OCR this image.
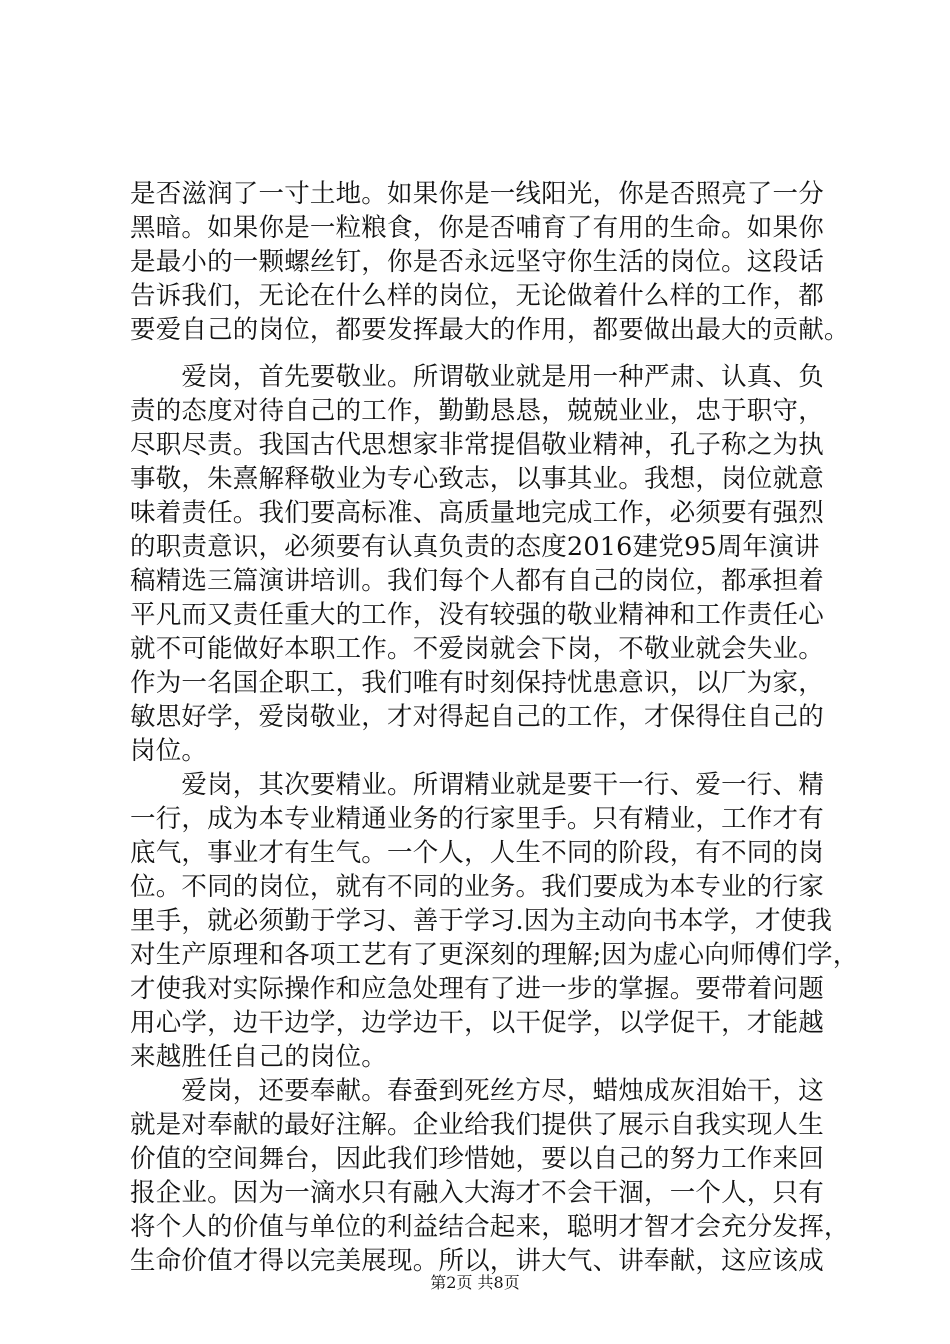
是否滋润了一寸土地。如果你是一线阳光，你是否照亮了一分
黑暗。如果你是一粒粮食，你是否哺育了有用的生命。如果你
是最小的一颗螺丝钉，你是否永远坚守你生活的岗位。这段话
告诉我们，无论在什么样的岗位，无论做着什么样的工作，都
要爱自己的岗位，都要发挥最大的作用，都要做出最大的贡献。
　　爱岗，首先要敬业。所谓敬业就是用一种严肃、认真、负
责的态度对待自己的工作，勤勤恳恳，兢兢业业，忠于职守，
尽职尽责。我国古代思想家非常提倡敬业精神，孔子称之为执
事敬，朱熹解释敬业为专心致志，以事其业。我想，岗位就意
味着责任。我们要高标准、高质量地完成工作，必须要有强烈
的职责意识，必须要有认真负责的态度2016建党95周年演讲
稿精选三篇演讲培训。我们每个人都有自己的岗位，都承担着
平凡而又责任重大的工作，没有较强的敬业精神和工作责任心
就不可能做好本职工作。不爱岗就会下岗，不敬业就会失业。
作为一名国企职工，我们唯有时刻保持忧患意识，以厂为家，
敏思好学，爱岗敬业，才对得起自己的工作，才保得住自己的
岗位。
　　爱岗，其次要精业。所谓精业就是要干一行、爱一行、精
一行，成为本专业精通业务的行家里手。只有精业，工作才有
底气，事业才有生气。一个人，人生不同的阶段，有不同的岗
位。不同的岗位，就有不同的业务。我们要成为本专业的行家
里手，就必须勤于学习、善于学习.因为主动向书本学，才使我
对生产原理和各项工艺有了更深刻的理解;因为虚心向师傅们学，
才使我对实际操作和应急处理有了进一步的掌握。要带着问题
用心学，边干边学，边学边干，以干促学，以学促干，才能越
来越胜任自己的岗位。
　　爱岗，还要奉献。春蚕到死丝方尽，蜡烛成灰泪始干，这
就是对奉献的最好注解。企业给我们提供了展示自我实现人生
价值的空间舞台，因此我们珍惜她，要以自己的努力工作来回
报企业。因为一滴水只有融入大海才不会干涸，一个人，只有
将个人的价值与单位的利益结合起来，聪明才智才会充分发挥，
生命价值才得以完美展现。所以，讲大气、讲奉献，这应该成
第2页 共8页
